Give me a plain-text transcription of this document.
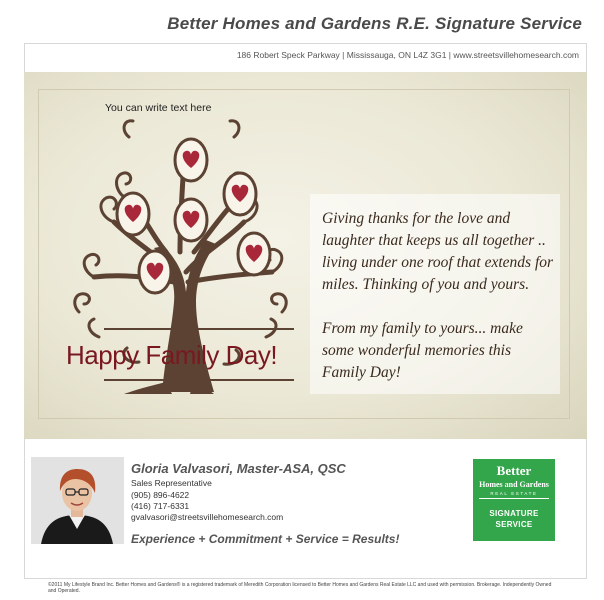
Better Homes and Gardens R.E. Signature Service
186 Robert Speck Parkway | Mississauga, ON L4Z 3G1 | www.streetsvillehomesearch.com
You can write text here
Happy Family Day!

Giving thanks for the love and laughter that keeps us all together .. living under one roof that extends for miles. Thinking of you and yours.

From my family to yours... make some wonderful memories this Family Day!

Gloria Valvasori, Master-ASA, QSC
Sales Representative
(905) 896-4622
(416) 717-6331
gvalvasori@streetsvillehomesearch.com
Experience + Commitment + Service = Results!
Better
Homes and Gardens
REAL ESTATE
SIGNATURE
SERVICE
©2011 My Lifestyle Brand Inc. Better Homes and Gardens® is a registered trademark of Meredith Corporation licensed to Better Homes and Gardens Real Estate LLC and used with permission. Brokerage. Independently Owned and Operated.
